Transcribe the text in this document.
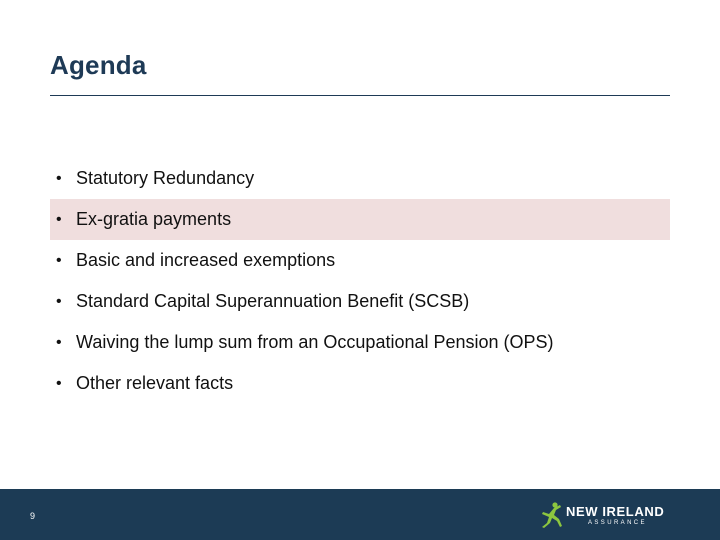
Agenda
• Statutory Redundancy
• Ex-gratia payments
• Basic and increased exemptions
• Standard Capital Superannuation Benefit (SCSB)
• Waiving the lump sum from an Occupational Pension (OPS)
• Other relevant facts
9	NEW IRELAND
ASSURANCE
